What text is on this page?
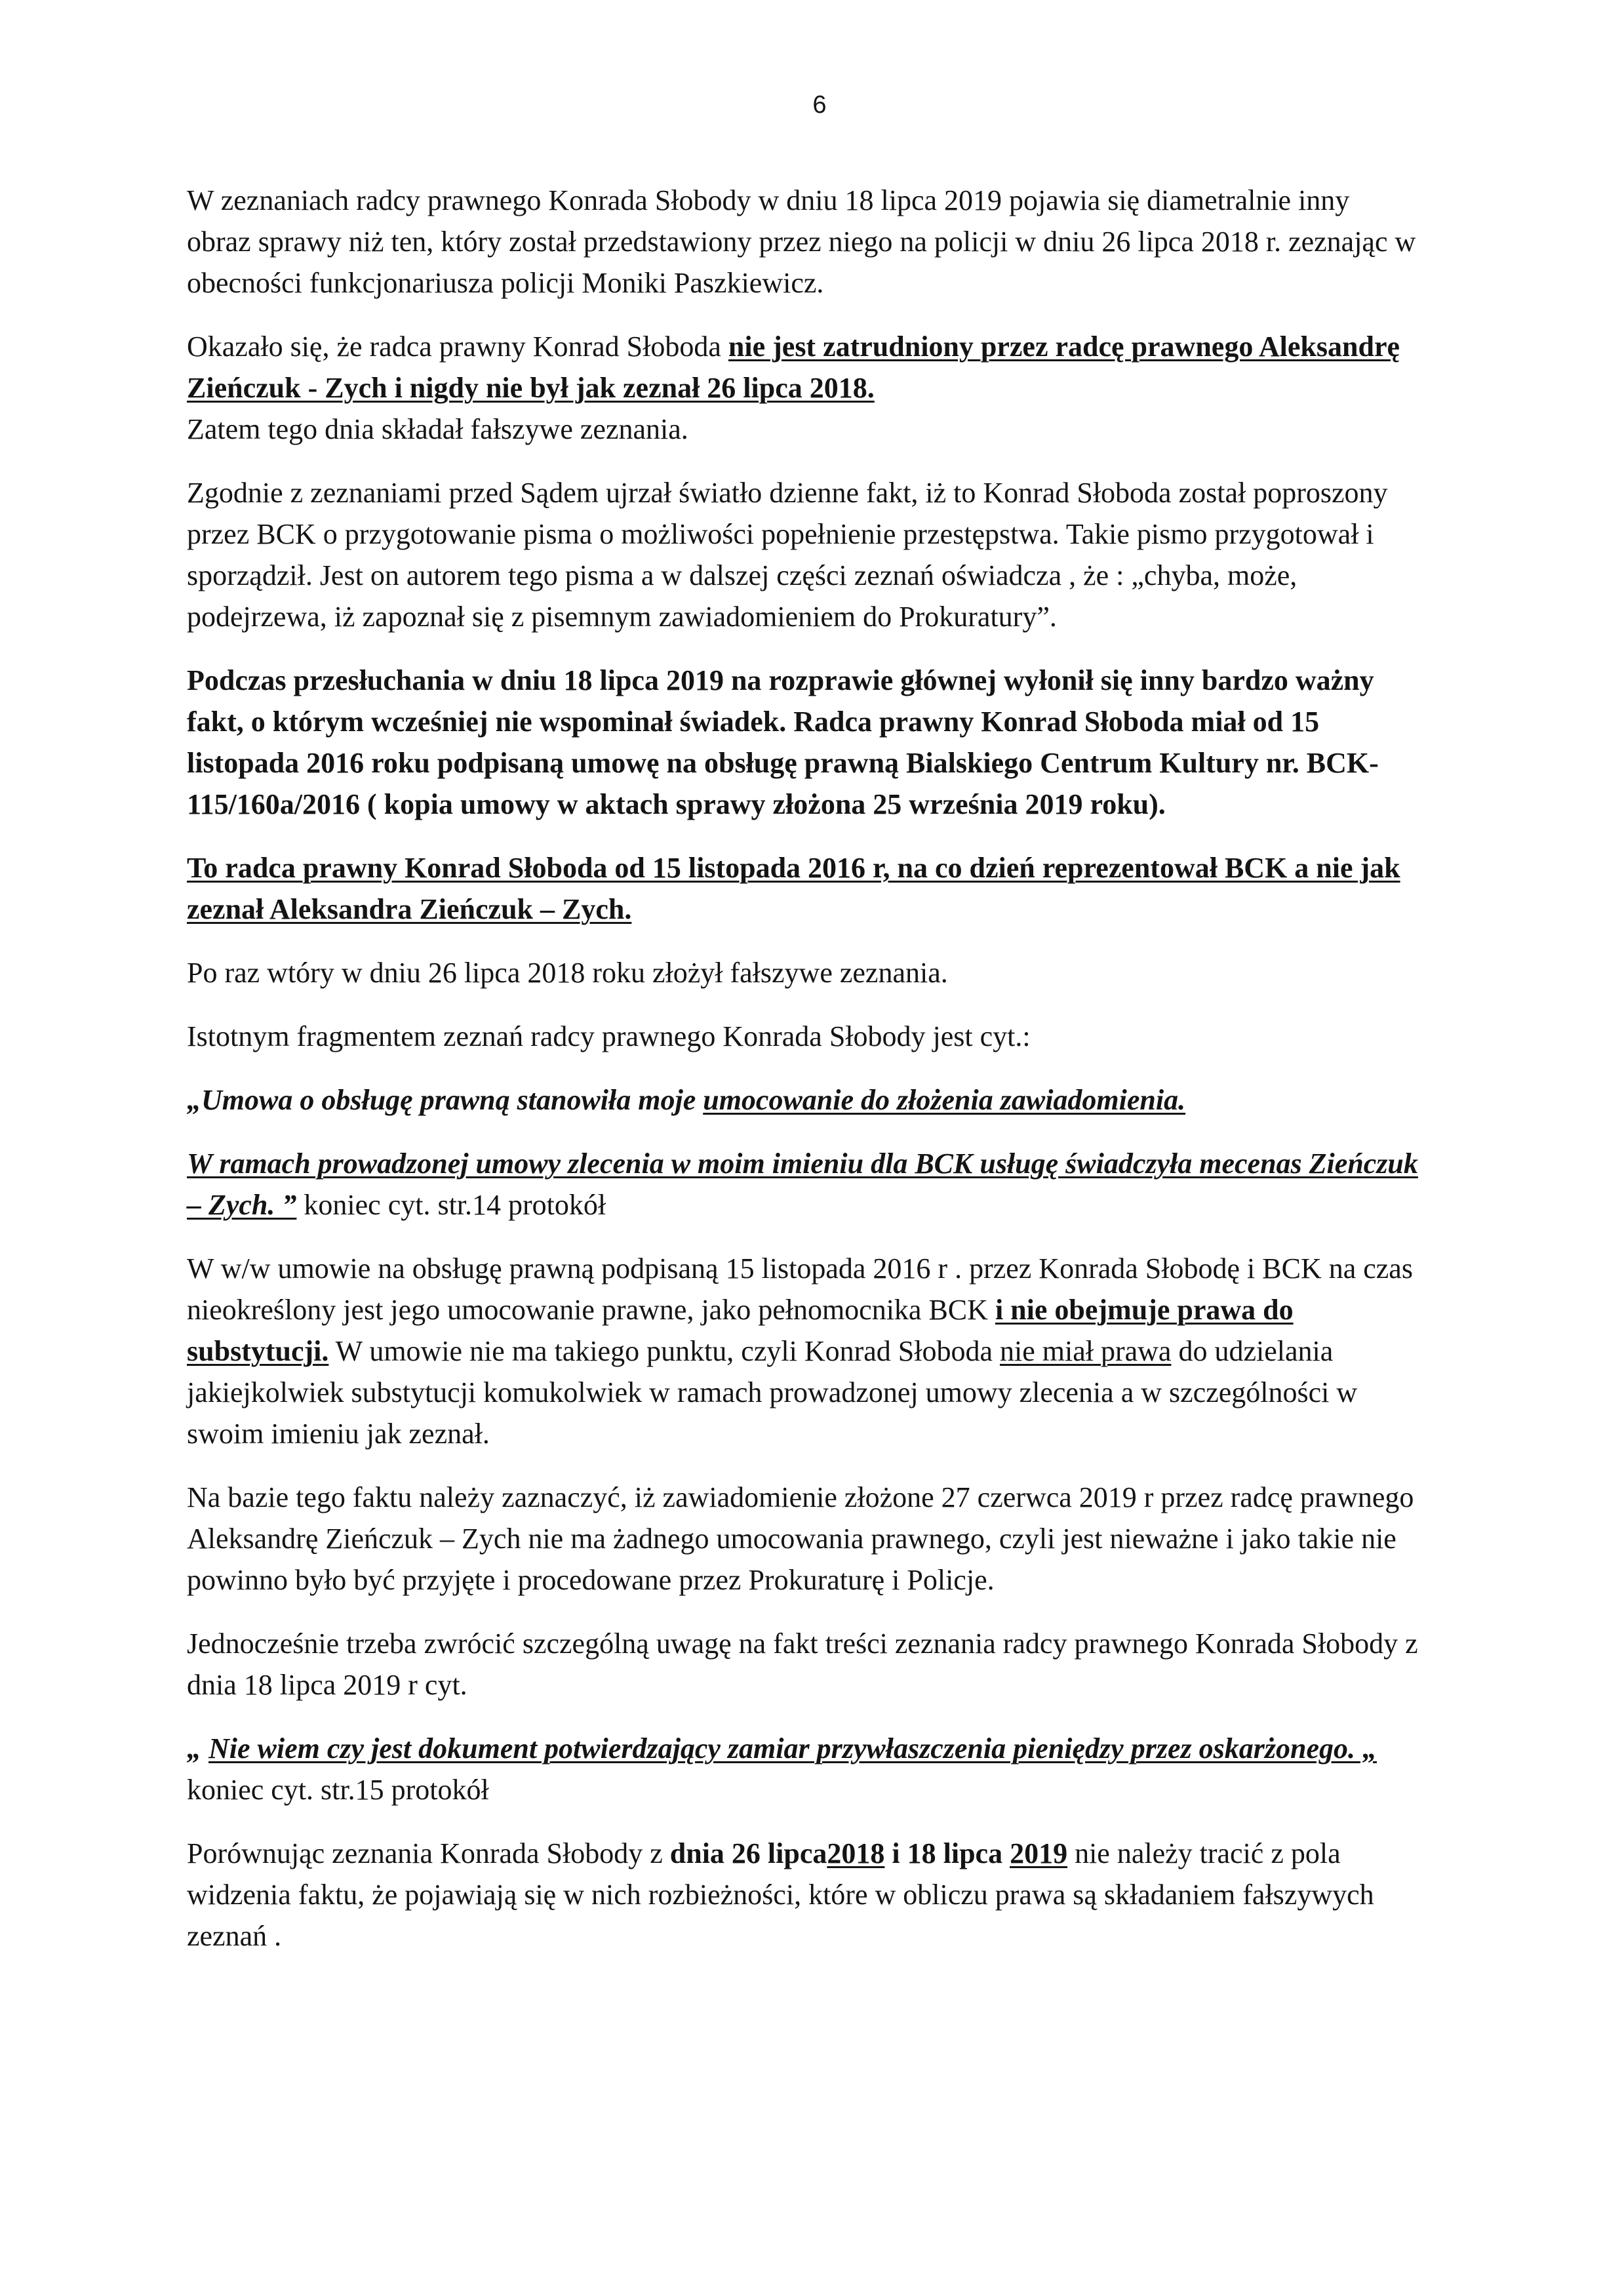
6

W zeznaniach radcy prawnego Konrada Słobody w dniu 18 lipca 2019 pojawia się diametralnie inny obraz sprawy niż ten, który został przedstawiony przez niego na policji w dniu 26 lipca 2018 r. zeznając w obecności funkcjonariusza policji Moniki Paszkiewicz.

Okazało się, że radca prawny Konrad Słoboda nie jest zatrudniony przez radcę prawnego Aleksandrę Zieńczuk - Zych i nigdy nie był jak zeznał 26 lipca 2018.
Zatem tego dnia składał fałszywe zeznania.

Zgodnie z zeznaniami przed Sądem ujrzał światło dzienne fakt, iż to Konrad Słoboda został poproszony przez BCK o przygotowanie pisma o możliwości popełnienie przestępstwa. Takie pismo przygotował i sporządził. Jest on autorem tego pisma a w dalszej części zeznań oświadcza , że : „chyba, może, podejrzewa, iż zapoznał się z pisemnym zawiadomieniem do Prokuratury”.

Podczas przesłuchania w dniu 18 lipca 2019 na rozprawie głównej wyłonił się inny bardzo ważny fakt, o którym wcześniej nie wspominał świadek. Radca prawny Konrad Słoboda miał od 15 listopada 2016 roku podpisaną umowę na obsługę prawną Bialskiego Centrum Kultury nr. BCK-115/160a/2016 ( kopia umowy w aktach sprawy złożona 25 września 2019 roku).

To radca prawny Konrad Słoboda od 15 listopada 2016 r, na co dzień reprezentował BCK a nie jak zeznał Aleksandra Zieńczuk – Zych.

Po raz wtóry w dniu 26 lipca 2018 roku złożył fałszywe zeznania.

Istotnym fragmentem zeznań radcy prawnego Konrada Słobody jest cyt.:

„Umowa o obsługę prawną stanowiła moje umocowanie do złożenia zawiadomienia.

W ramach prowadzonej umowy zlecenia w moim imieniu dla BCK usługę świadczyła mecenas Zieńczuk – Zych. ” koniec cyt. str.14 protokół

W w/w umowie na obsługę prawną podpisaną 15 listopada 2016 r . przez Konrada Słobodę i BCK na czas nieokreślony jest jego umocowanie prawne, jako pełnomocnika BCK i nie obejmuje prawa do substytucji. W umowie nie ma takiego punktu, czyli Konrad Słoboda nie miał prawa do udzielania jakiejkolwiek substytucji komukolwiek w ramach prowadzonej umowy zlecenia a w szczególności w swoim imieniu jak zeznał.

Na bazie tego faktu należy zaznaczyć, iż zawiadomienie złożone 27 czerwca 2019 r przez radcę prawnego Aleksandrę Zieńczuk – Zych nie ma żadnego umocowania prawnego, czyli jest nieważne i jako takie nie powinno było być przyjęte i procedowane przez Prokuraturę i Policje.

Jednocześnie trzeba zwrócić szczególną uwagę na fakt treści zeznania radcy prawnego Konrada Słobody z dnia 18 lipca 2019 r cyt.

„ Nie wiem czy jest dokument potwierdzający zamiar przywłaszczenia pieniędzy przez oskarżonego. „ koniec cyt. str.15 protokół

Porównując zeznania Konrada Słobody z dnia 26 lipca2018 i 18 lipca 2019 nie należy tracić z pola widzenia faktu, że pojawiają się w nich rozbieżności, które w obliczu prawa są składaniem fałszywych zeznań .
